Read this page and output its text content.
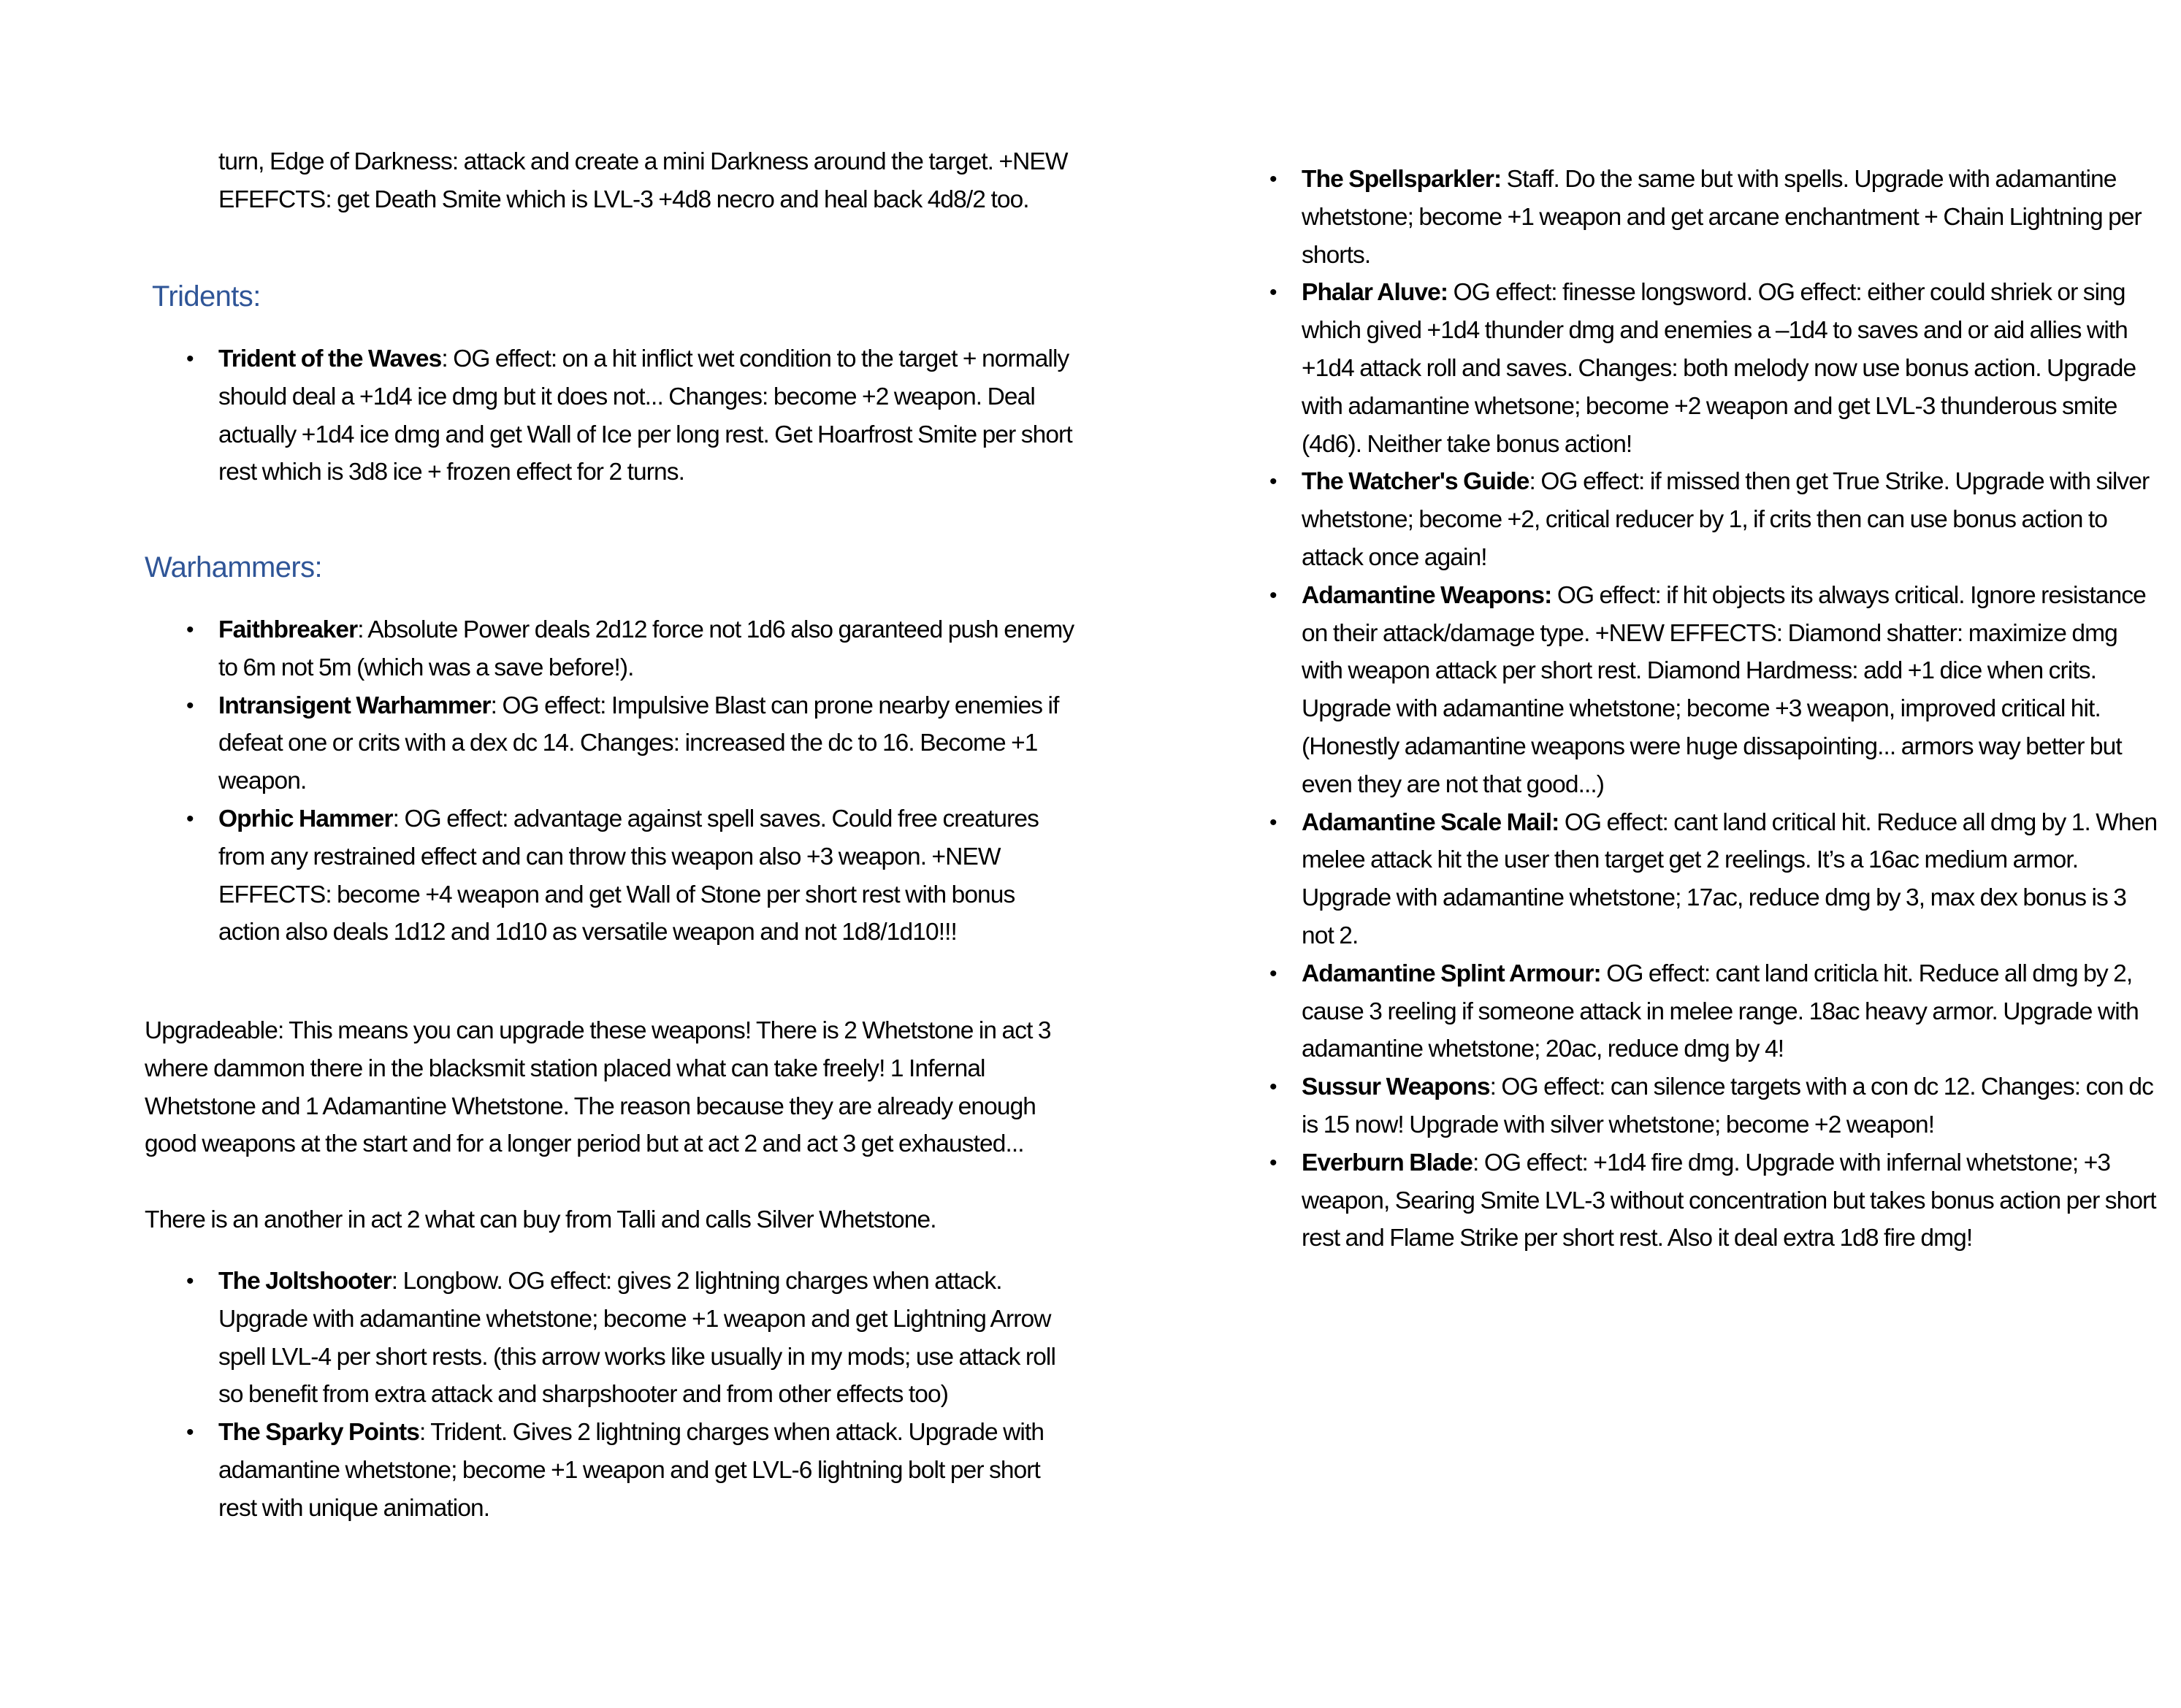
turn, Edge of Darkness: attack and create a mini Darkness around the target. +NEW EFEFCTS: get Death Smite which is LVL-3 +4d8 necro and heal back 4d8/2 too.
Tridents:
• Trident of the Waves: OG effect: on a hit inflict wet condition to the target + normally should deal a +1d4 ice dmg but it does not... Changes: become +2 weapon. Deal actually +1d4 ice dmg and get Wall of Ice per long rest. Get Hoarfrost Smite per short rest which is 3d8 ice + frozen effect for 2 turns.
Warhammers:
• Faithbreaker: Absolute Power deals 2d12 force not 1d6 also garanteed push enemy to 6m not 5m (which was a save before!).
• Intransigent Warhammer: OG effect: Impulsive Blast can prone nearby enemies if defeat one or crits with a dex dc 14. Changes: increased the dc to 16. Become +1 weapon.
• Oprhic Hammer: OG effect: advantage against spell saves. Could free creatures from any restrained effect and can throw this weapon also +3 weapon. +NEW EFFECTS: become +4 weapon and get Wall of Stone per short rest with bonus action also deals 1d12 and 1d10 as versatile weapon and not 1d8/1d10!!!
Upgradeable: This means you can upgrade these weapons! There is 2 Whetstone in act 3 where dammon there in the blacksmit station placed what can take freely! 1 Infernal Whetstone and 1 Adamantine Whetstone. The reason because they are already enough good weapons at the start and for a longer period but at act 2 and act 3 get exhausted...
There is an another in act 2 what can buy from Talli and calls Silver Whetstone.
• The Joltshooter: Longbow. OG effect: gives 2 lightning charges when attack. Upgrade with adamantine whetstone; become +1 weapon and get Lightning Arrow spell LVL-4 per short rests. (this arrow works like usually in my mods; use attack roll so benefit from extra attack and sharpshooter and from other effects too)
• The Sparky Points: Trident. Gives 2 lightning charges when attack. Upgrade with adamantine whetstone; become +1 weapon and get LVL-6 lightning bolt per short rest with unique animation.
• The Spellsparkler: Staff. Do the same but with spells. Upgrade with adamantine whetstone; become +1 weapon and get arcane enchantment + Chain Lightning per shorts.
• Phalar Aluve: OG effect: finesse longsword. OG effect: either could shriek or sing which gived +1d4 thunder dmg and enemies a –1d4 to saves and or aid allies with +1d4 attack roll and saves. Changes: both melody now use bonus action. Upgrade with adamantine whetsone; become +2 weapon and get LVL-3 thunderous smite (4d6). Neither take bonus action!
• The Watcher's Guide: OG effect: if missed then get True Strike. Upgrade with silver whetstone; become +2, critical reducer by 1, if crits then can use bonus action to attack once again!
• Adamantine Weapons: OG effect: if hit objects its always critical. Ignore resistance on their attack/damage type. +NEW EFFECTS: Diamond shatter: maximize dmg with weapon attack per short rest. Diamond Hardmess: add +1 dice when crits. Upgrade with adamantine whetstone; become +3 weapon, improved critical hit. (Honestly adamantine weapons were huge dissapointing... armors way better but even they are not that good...)
• Adamantine Scale Mail: OG effect: cant land critical hit. Reduce all dmg by 1. When melee attack hit the user then target get 2 reelings. It’s a 16ac medium armor. Upgrade with adamantine whetstone; 17ac, reduce dmg by 3, max dex bonus is 3 not 2.
• Adamantine Splint Armour: OG effect: cant land criticla hit. Reduce all dmg by 2, cause 3 reeling if someone attack in melee range. 18ac heavy armor. Upgrade with adamantine whetstone; 20ac, reduce dmg by 4!
• Sussur Weapons: OG effect: can silence targets with a con dc 12. Changes: con dc is 15 now! Upgrade with silver whetstone; become +2 weapon!
• Everburn Blade: OG effect: +1d4 fire dmg. Upgrade with infernal whetstone; +3 weapon, Searing Smite LVL-3 without concentration but takes bonus action per short rest and Flame Strike per short rest. Also it deal extra 1d8 fire dmg!
